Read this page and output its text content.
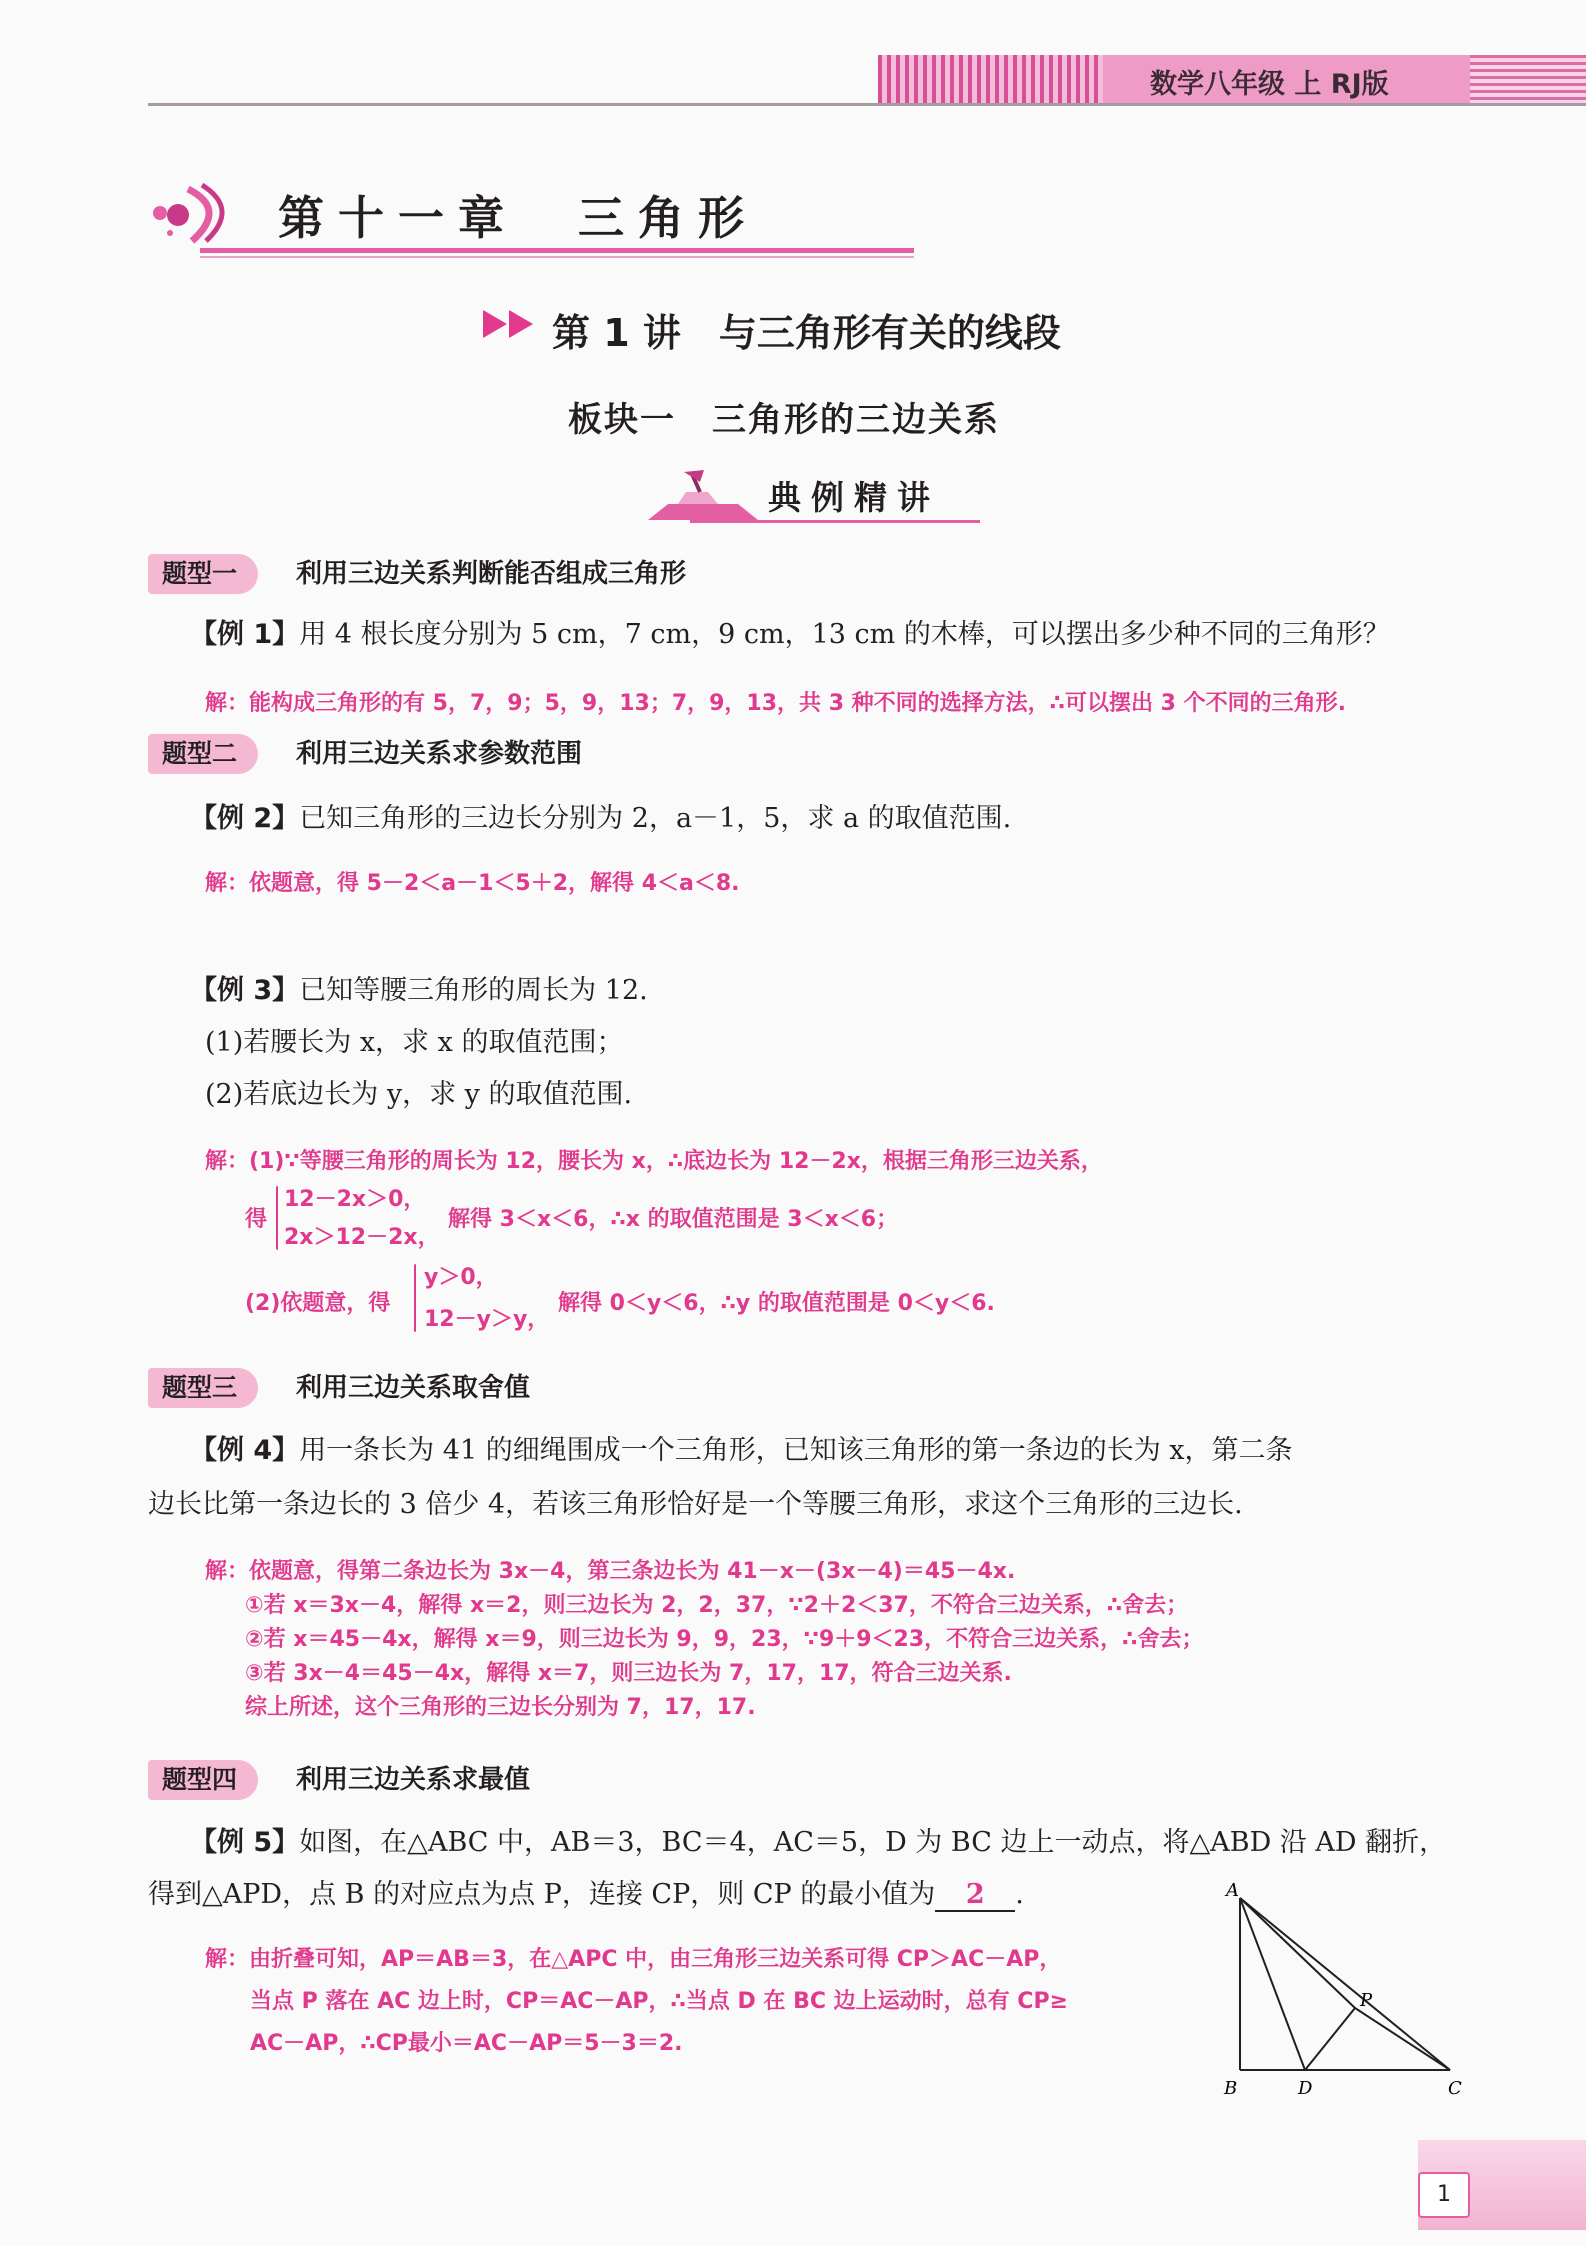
数学八年级 上 RJ版
第十一章　三角形
第 1 讲　与三角形有关的线段
板块一　三角形的三边关系
典例精讲
题型一	利用三边关系判断能否组成三角形
【例 1】用 4 根长度分别为 5 cm，7 cm，9 cm，13 cm 的木棒，可以摆出多少种不同的三角形？
解：能构成三角形的有 5，7，9；5，9，13；7，9，13，共 3 种不同的选择方法，∴可以摆出 3 个不同的三角形.
题型二	利用三边关系求参数范围
【例 2】已知三角形的三边长分别为 2，a－1，5，求 a 的取值范围.
解：依题意，得 5－2＜a－1＜5＋2，解得 4＜a＜8.
【例 3】已知等腰三角形的周长为 12.
(1)若腰长为 x，求 x 的取值范围；
(2)若底边长为 y，求 y 的取值范围.
解：(1)∵等腰三角形的周长为 12，腰长为 x，∴底边长为 12－2x，根据三角形三边关系，
得
12－2x＞0，
2x＞12－2x，
解得 3＜x＜6，∴x 的取值范围是 3＜x＜6；
(2)依题意，得
y＞0，
12－y＞y，
解得 0＜y＜6，∴y 的取值范围是 0＜y＜6.
题型三	利用三边关系取舍值
【例 4】用一条长为 41 的细绳围成一个三角形，已知该三角形的第一条边的长为 x，第二条
边长比第一条边长的 3 倍少 4，若该三角形恰好是一个等腰三角形，求这个三角形的三边长.
解：依题意，得第二条边长为 3x－4，第三条边长为 41－x－(3x－4)＝45－4x.
①若 x＝3x－4，解得 x＝2，则三边长为 2，2，37，∵2＋2＜37，不符合三边关系，∴舍去；
②若 x＝45－4x，解得 x＝9，则三边长为 9，9，23，∵9＋9＜23，不符合三边关系，∴舍去；
③若 3x－4＝45－4x，解得 x＝7，则三边长为 7，17，17，符合三边关系.
综上所述，这个三角形的三边长分别为 7，17，17.
题型四	利用三边关系求最值
【例 5】如图，在△ABC 中，AB＝3，BC＝4，AC＝5，D 为 BC 边上一动点，将△ABD 沿 AD 翻折，
得到△APD，点 B 的对应点为点 P，连接 CP，则 CP 的最小值为 2 .
解：由折叠可知，AP＝AB＝3，在△APC 中，由三角形三边关系可得 CP＞AC－AP，
当点 P 落在 AC 边上时，CP＝AC－AP，∴当点 D 在 BC 边上运动时，总有 CP≥
AC－AP，∴CP最小＝AC－AP＝5－3＝2.
A
B	C
D
P
1
